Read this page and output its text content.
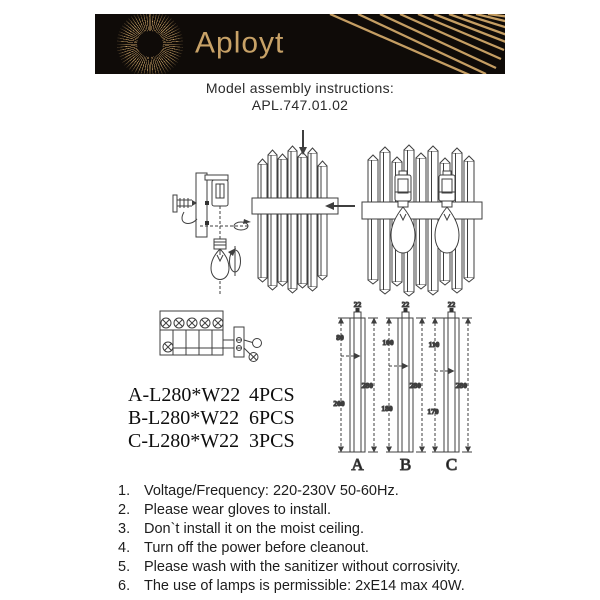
Aployt
Model assembly instructions:
APL.747.01.02
22
80
200
280
A
100
180
22
280
B
110
170
22
280
C
A-L280*W22 4PCS
B-L280*W22 6PCS
C-L280*W22 3PCS
1. Voltage/Frequency: 220-230V 50-60Hz.
2. Please wear gloves to install.
3. Don`t install it on the moist ceiling.
4. Turn off the power before cleanout.
5. Please wash with the sanitizer without corrosivity.
6. The use of lamps is permissible: 2xE14 max 40W.
